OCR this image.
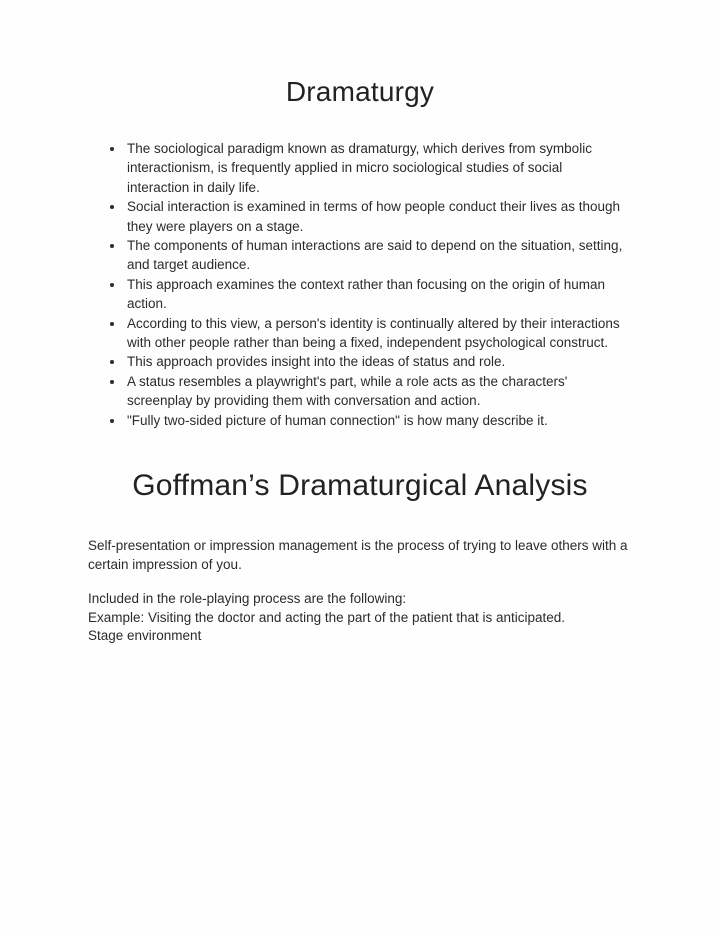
Dramaturgy
• The sociological paradigm known as dramaturgy, which derives from symbolic interactionism, is frequently applied in micro sociological studies of social interaction in daily life.
• Social interaction is examined in terms of how people conduct their lives as though they were players on a stage.
• The components of human interactions are said to depend on the situation, setting, and target audience.
• This approach examines the context rather than focusing on the origin of human action.
• According to this view, a person's identity is continually altered by their interactions with other people rather than being a fixed, independent psychological construct.
• This approach provides insight into the ideas of status and role.
• A status resembles a playwright's part, while a role acts as the characters' screenplay by providing them with conversation and action.
• "Fully two-sided picture of human connection" is how many describe it.
Goffman’s Dramaturgical Analysis

Self-presentation or impression management is the process of trying to leave others with a certain impression of you.

Included in the role-playing process are the following:
Example: Visiting the doctor and acting the part of the patient that is anticipated.
Stage environment
